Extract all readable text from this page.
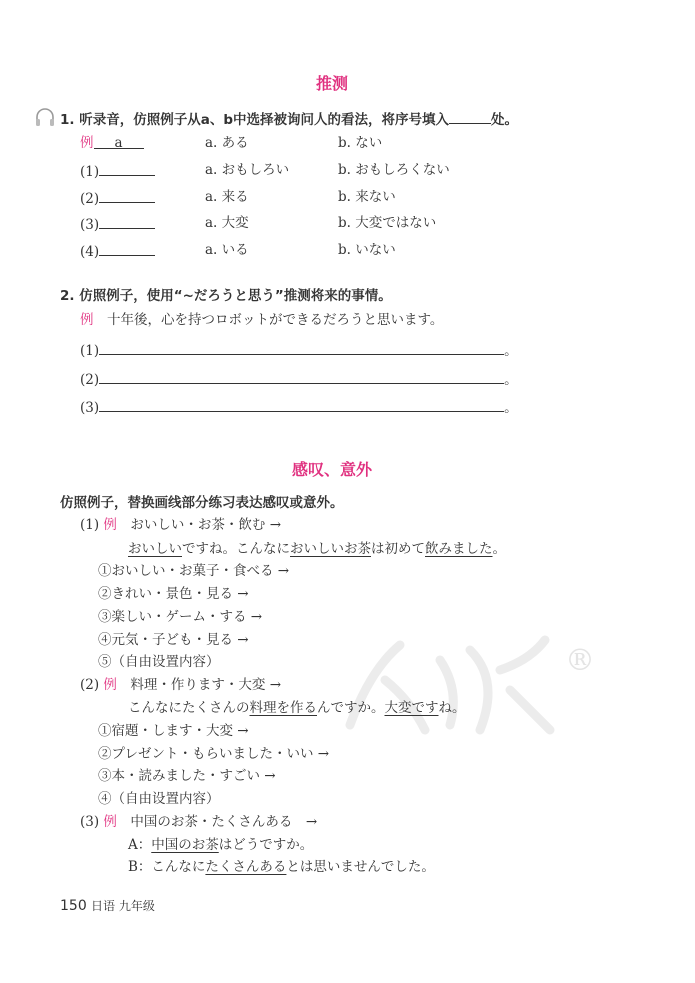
®
推测
1. 听录音，仿照例子从a、b中选择被询问人的看法，将序号填入	处。
例 a	a. ある	b. ない
(1)	a. おもしろい	b. おもしろくない
(2)	a. 来る	b. 来ない
(3)	a. 大変	b. 大変ではない
(4)	a. いる	b. いない
2. 仿照例子，使用“~だろうと思う”推测将来的事情。
例　 十年後，心を持つロボットができるだろうと思います。
(1)	。
(2)	。
(3)	。
感叹、意外
仿照例子，替换画线部分练习表达感叹或意外。
(1) 例　 おいしい・お茶・飲む →
おいしいですね。こんなにおいしいお茶は初めて飲みました。
①おいしい・お菓子・食べる →
②きれい・景色・見る →
③楽しい・ゲーム・する →
④元気・子ども・見る →
⑤（自由设置内容）
(2) 例　 料理・作ります・大変 →
こんなにたくさんの料理を作るんですか。大変ですね。
①宿題・します・大変 →
②プレゼント・もらいました・いい →
③本・読みました・すごい →
④（自由设置内容）
(3) 例　 中国のお茶・たくさんある　→
A：中国のお茶はどうですか。
B：こんなにたくさんあるとは思いませんでした。
150 日语 九年级
